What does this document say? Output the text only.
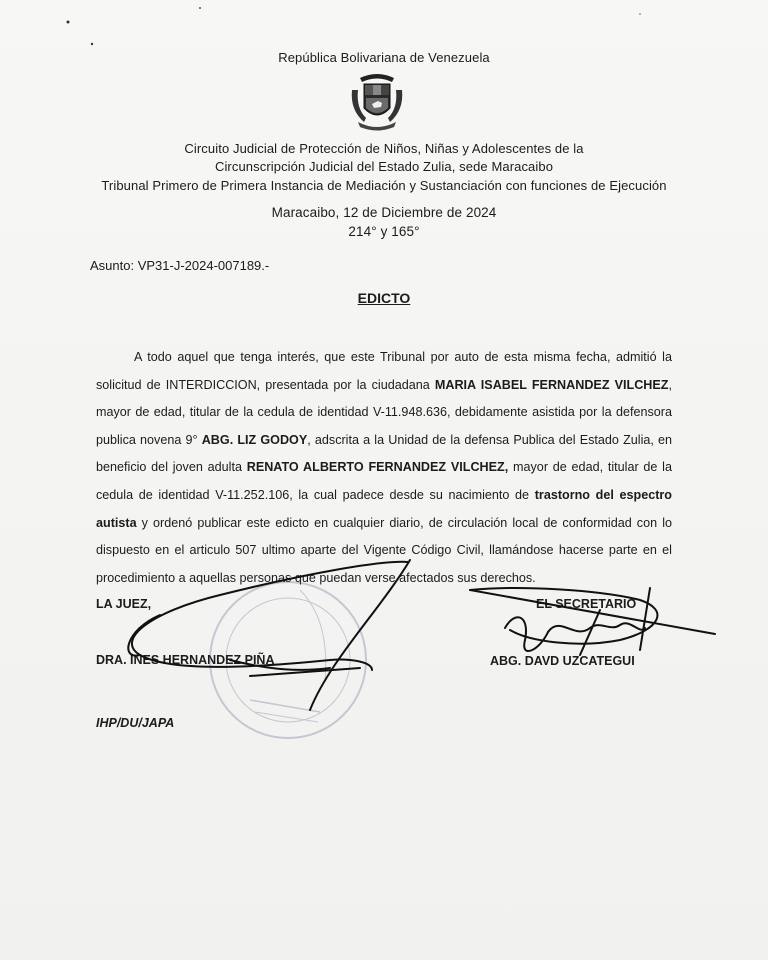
República Bolivariana de Venezuela
Circuito Judicial de Protección de Niños, Niñas y Adolescentes de la
Circunscripción Judicial del Estado Zulia, sede Maracaibo
Tribunal Primero de Primera Instancia de Mediación y Sustanciación con funciones de Ejecución
Maracaibo, 12 de Diciembre de 2024
214° y 165°
Asunto: VP31-J-2024-007189.-
EDICTO

A todo aquel que tenga interés, que este Tribunal por auto de esta misma fecha, admitió la solicitud de INTERDICCION, presentada por la ciudadana MARIA ISABEL FERNANDEZ VILCHEZ, mayor de edad, titular de la cedula de identidad V-11.948.636, debidamente asistida por la defensora publica novena 9° ABG. LIZ GODOY, adscrita a la Unidad de la defensa Publica del Estado Zulia, en beneficio del joven adulta RENATO ALBERTO FERNANDEZ VILCHEZ, mayor de edad, titular de la cedula de identidad V-11.252.106, la cual padece desde su nacimiento de trastorno del espectro autista y ordenó publicar este edicto en cualquier diario, de circulación local de conformidad con lo dispuesto en el articulo 507 ultimo aparte del Vigente Código Civil, llamándose hacerse parte en el procedimiento a aquellas personas que puedan verse afectados sus derechos.

LA JUEZ,
DRA. INES HERNANDEZ PIÑA
EL SECRETARIO
ABG. DAVD UZCATEGUI
IHP/DU/JAPA
